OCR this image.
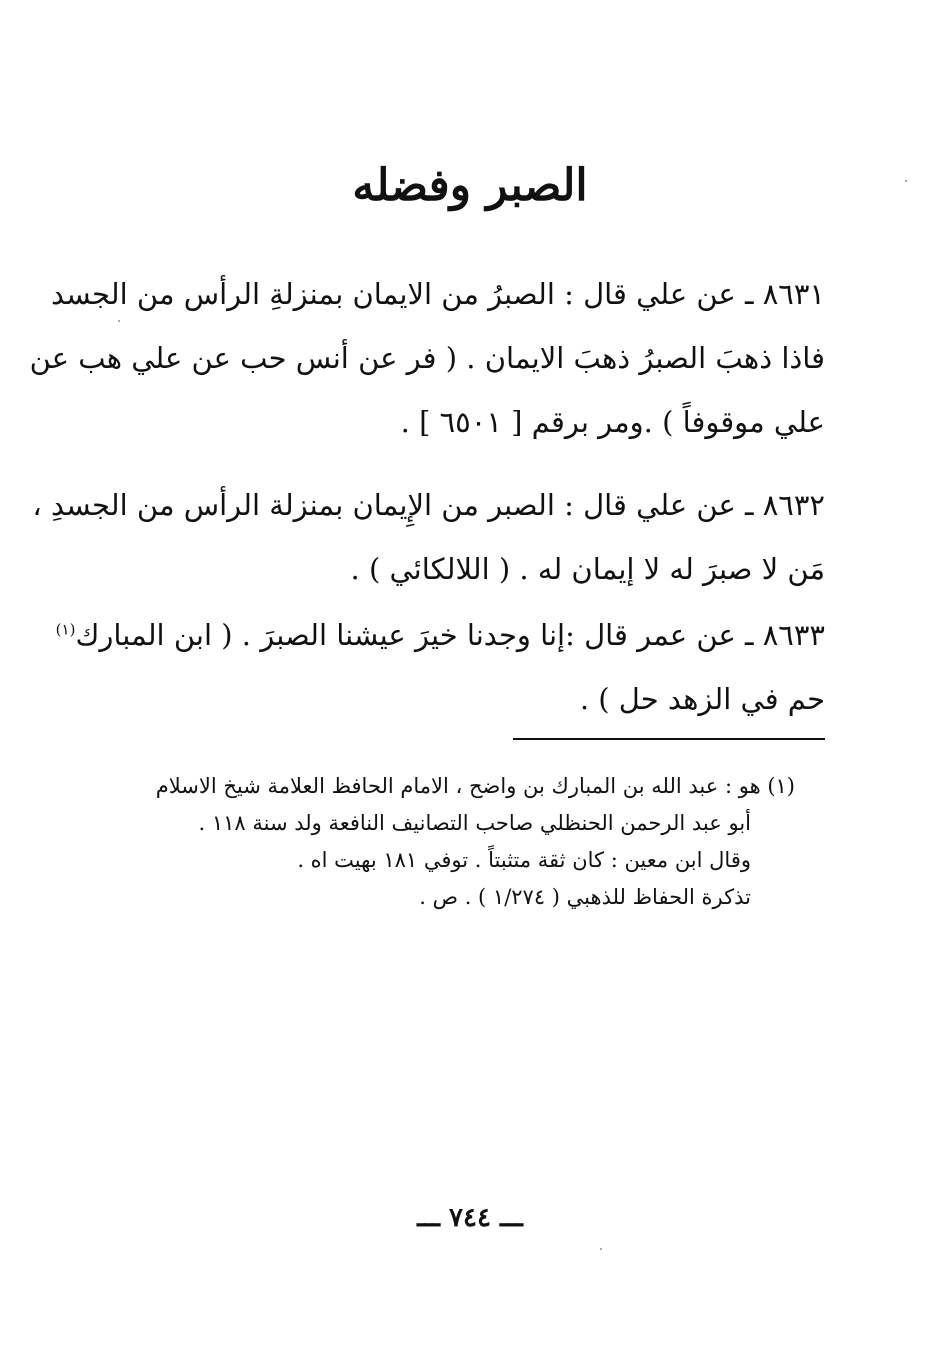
الصبر وفضله
٨٦٣١ ـ عن علي قال : الصبرُ من الايمان بمنزلةِ الرأس من الجسد
فاذا ذهبَ الصبرُ ذهبَ الايمان . ( فر عن أنس حب عن علي هب عن
علي موقوفاً ) .ومر برقم [ ٦٥٠١ ] .
٨٦٣٢ ـ عن علي قال : الصبر من الإِيمان بمنزلة الرأس من الجسدِ ،
مَن لا صبرَ له لا إيمان له . ( اللالكائي ) .
٨٦٣٣ ـ عن عمر قال :إنا وجدنا خيرَ عيشنا الصبرَ . ( ابن المبارك$^{(١)}$
حم في الزهد حل ) .
(١) هو : عبد الله بن المبارك بن واضح ، الامام الحافظ العلامة شيخ الاسلام
أبو عبد الرحمن الحنظلي صاحب التصانيف النافعة ولد سنة ١١٨ .
وقال ابن معين : كان ثقة متثبتاً . توفي ١٨١ بهيت اه .
تذكرة الحفاظ للذهبي ( ١/٢٧٤ ) . ص .
ـــ ٧٤٤ ـــ
